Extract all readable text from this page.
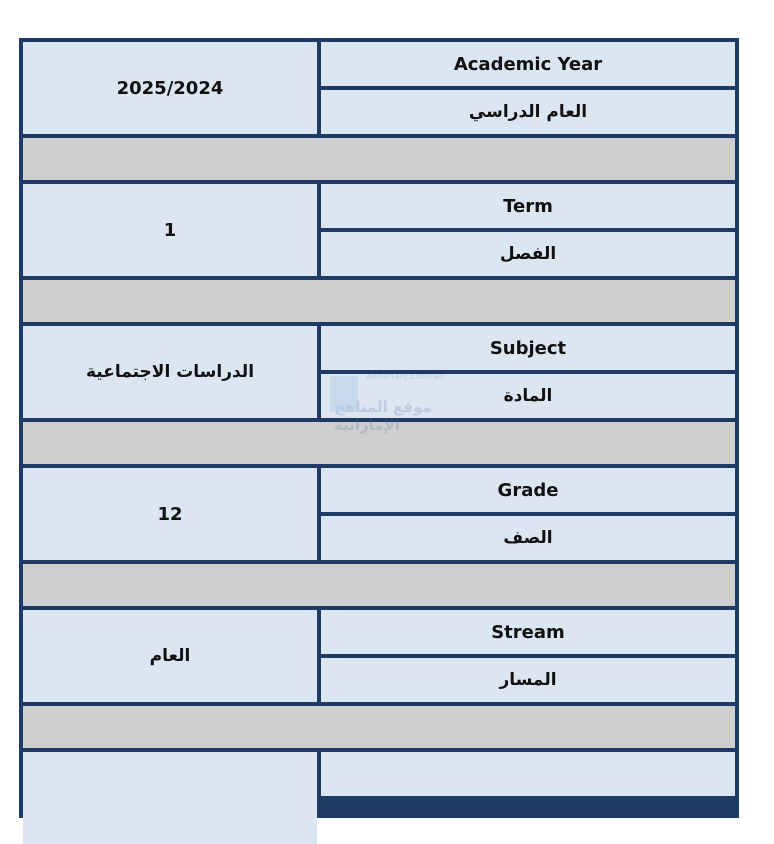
2025/2024
Academic Year
العام الدراسي
1
Term
الفصل
الدراسات الاجتماعية
Subject
المادة
12
Grade
الصف
العام
Stream
المسار
almanahj.com/ae
موقع المناهج الإماراتية
